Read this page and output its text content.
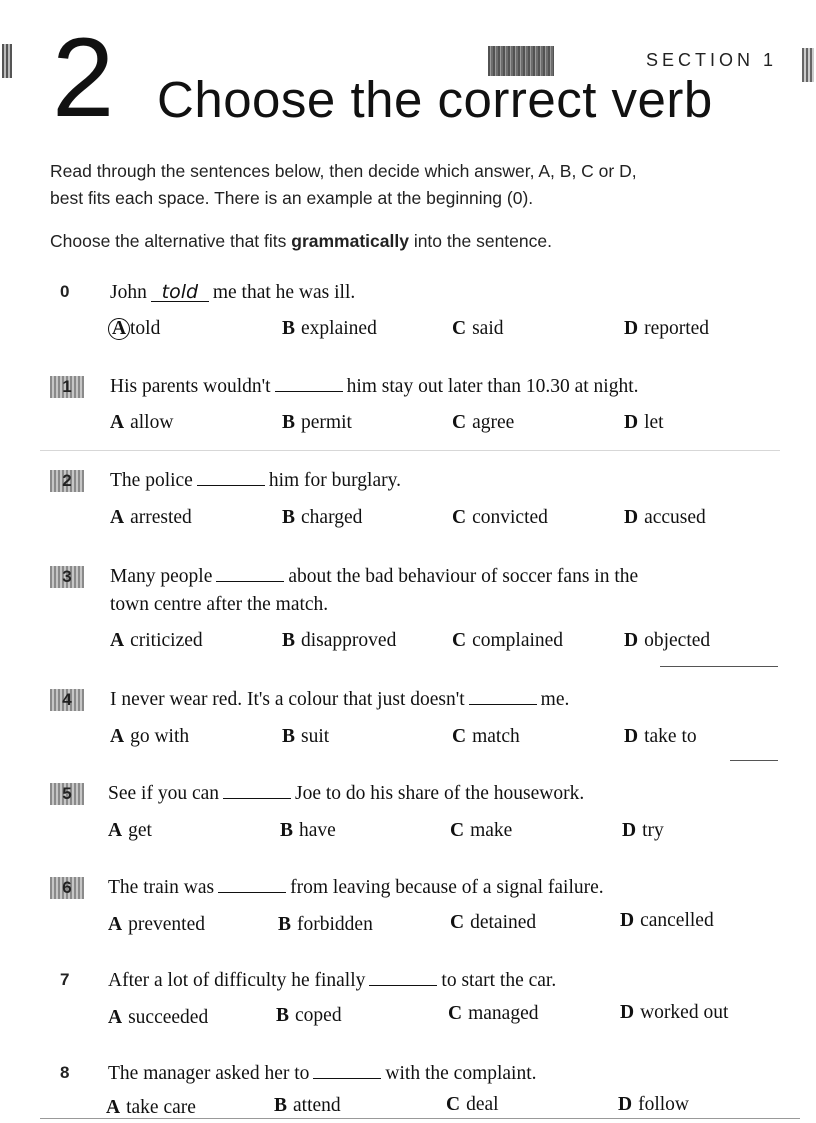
SECTION 1
2 Choose the correct verb
Read through the sentences below, then decide which answer, A, B, C or D,
best fits each space. There is an example at the beginning (0).
Choose the alternative that fits grammatically into the sentence.
0 John told me that he was ill.
A told	B explained	C said	D reported
1	His parents wouldn't	him stay out later than 10.30 at night.
A allow	B permit	C agree	D let
2	The police	him for burglary.
A arrested	B charged	C convicted	D accused
3	Many people	about the bad behaviour of soccer fans in the
town centre after the match.
A criticized	B disapproved	C complained	D objected
4	I never wear red. It's a colour that just doesn't	me.
A go with	B suit	C match	D take to
5	See if you can	Joe to do his share of the housework.
A get	B have	C make	D try
6	The train was	from leaving because of a signal failure.
A prevented	B forbidden	C detained	D cancelled
7 After a lot of difficulty he finally	to start the car.
A succeeded	B coped	C managed	D worked out
8 The manager asked her to	with the complaint.
A take care	B attend	C deal	D follow
